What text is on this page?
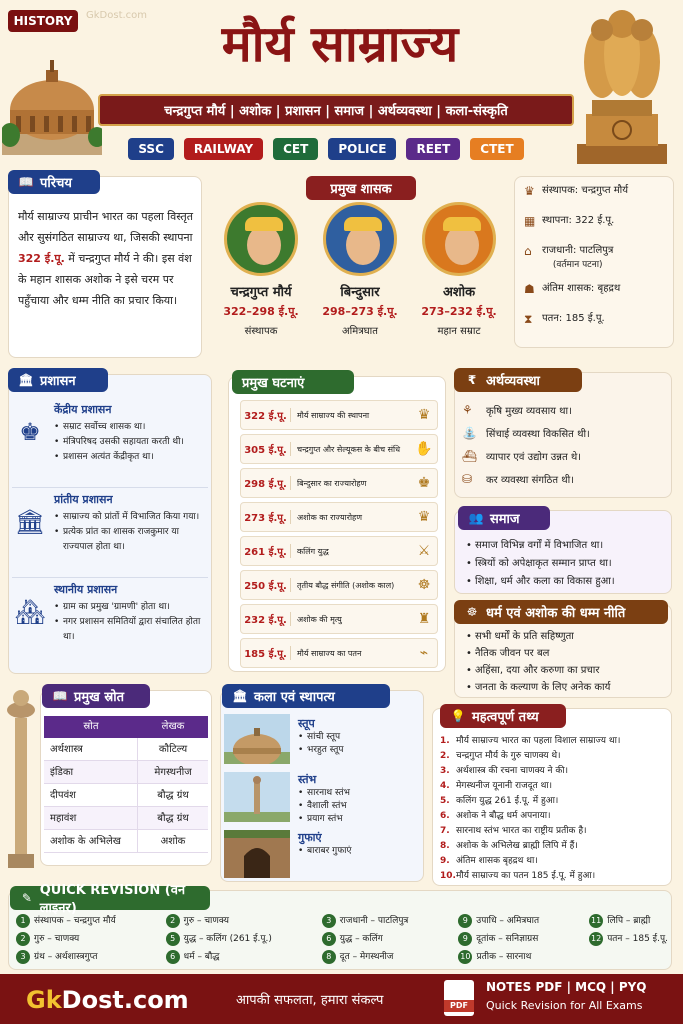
HISTORY	मौर्य साम्राज्य
GkDost.com
चन्द्रगुप्त मौर्य | अशोक | प्रशासन | समाज | अर्थव्यवस्था | कला-संस्कृति
SSC	RAILWAY	CET	POLICE	REET	CTET
📖 परिचय
मौर्य साम्राज्य प्राचीन भारत का पहला विस्तृत और सुसंगठित साम्राज्य था, जिसकी स्थापना 322 ई.पू. में चन्द्रगुप्त मौर्य ने की। इस वंश के महान शासक अशोक ने इसे चरम पर पहुँचाया और धम्म नीति का प्रचार किया।
प्रमुख शासक
चन्द्रगुप्त मौर्य
322–298 ई.पू.
संस्थापक
बिन्दुसार
298–273 ई.पू.
अमित्रघात
अशोक
273–232 ई.पू.
महान सम्राट
♛ संस्थापक: चन्द्रगुप्त मौर्य
▦ स्थापना: 322 ई.पू.
⌂	राजधानी: पाटलिपुत्र
(वर्तमान पटना)
☗ अंतिम शासक: बृहद्रथ
⧗ पतन: 185 ई.पू.
🏛 प्रशासन
♚
केंद्रीय प्रशासन
• सम्राट सर्वोच्च शासक था।
• मंत्रिपरिषद उसकी सहायता करती थी।
• प्रशासन अत्यंत केंद्रीकृत था।
🏛
प्रांतीय प्रशासन
• साम्राज्य को प्रांतों में विभाजित किया गया।
• प्रत्येक प्रांत का शासक राजकुमार या राज्यपाल होता था।
🏘
स्थानीय प्रशासन
• ग्राम का प्रमुख 'ग्रामणी' होता था।
• नगर प्रशासन समितियों द्वारा संचालित होता था।
प्रमुख घटनाएं
322 ई.पू.	मौर्य साम्राज्य की स्थापना	♛
305 ई.पू.	चन्द्रगुप्त और सेल्यूकस के बीच संधि	✋
298 ई.पू.	बिन्दुसार का राज्यारोहण	♚
273 ई.पू.	अशोक का राज्यारोहण	♛
261 ई.पू.	कलिंग युद्ध	⚔
250 ई.पू.	तृतीय बौद्ध संगीति (अशोक काल)	☸
232 ई.पू.	अशोक की मृत्यु	♜
185 ई.पू.	मौर्य साम्राज्य का पतन	⌁
₹ अर्थव्यवस्था
⚘	कृषि मुख्य व्यवसाय था।
⛲ सिंचाई व्यवस्था विकसित थी।
⛴ व्यापार एवं उद्योग उन्नत थे।
⛁	कर व्यवस्था संगठित थी।
👥 समाज
• समाज विभिन्न वर्गों में विभाजित था।
• स्त्रियों को अपेक्षाकृत सम्मान प्राप्त था।
• शिक्षा, धर्म और कला का विकास हुआ।
☸ धर्म एवं अशोक की धम्म नीति
• सभी धर्मों के प्रति सहिष्णुता
• नैतिक जीवन पर बल
• अहिंसा, दया और करुणा का प्रचार
• जनता के कल्याण के लिए अनेक कार्य
📖 प्रमुख स्रोत
स्रोत	लेखक
अर्थशास्त्र	कौटिल्य
इंडिका	मेगस्थनीज
दीपवंश	बौद्ध ग्रंथ
महावंश	बौद्ध ग्रंथ
अशोक के अभिलेख	अशोक
🏛 कला एवं स्थापत्य
स्तूप
• सांची स्तूप
• भरहुत स्तूप
स्तंभ
• सारनाथ स्तंभ
• वैशाली स्तंभ
• प्रयाग स्तंभ
गुफाएं
• बाराबर गुफाएं
💡 महत्वपूर्ण तथ्य
1. मौर्य साम्राज्य भारत का पहला विशाल साम्राज्य था।
2. चन्द्रगुप्त मौर्य के गुरु चाणक्य थे।
3. अर्थशास्त्र की रचना चाणक्य ने की।
4. मेगस्थनीज यूनानी राजदूत था।
5. कलिंग युद्ध 261 ई.पू. में हुआ।
6. अशोक ने बौद्ध धर्म अपनाया।
7. सारनाथ स्तंभ भारत का राष्ट्रीय प्रतीक है।
8. अशोक के अभिलेख ब्राह्मी लिपि में हैं।
9. अंतिम शासक बृहद्रथ था।
10. मौर्य साम्राज्य का पतन 185 ई.पू. में हुआ।
✎ QUICK REVISION (वन लाइनर)
1 संस्थापक – चन्द्रगुप्त मौर्य
2 गुरु – चाणक्य
3 ग्रंथ – अर्थशास्त्रगुप्त
2 गुरु – चाणक्य
5 युद्ध – कलिंग (261 ई.पू.)
6 धर्म – बौद्ध
3 राजधानी – पाटलिपुत्र
6 युद्ध – कलिंग
8 दूत – मेगस्थनीज
9 उपाधि – अमित्रघात
9 दूतांक – सनिज्ञाग्रस
10 प्रतीक – सारनाथ
11 लिपि – ब्राह्मी
12 पतन – 185 ई.पू.
GkDost.com	आपकी सफलता, हमारा संकल्प	PDF
NOTES PDF | MCQ | PYQ
Quick Revision for All Exams
